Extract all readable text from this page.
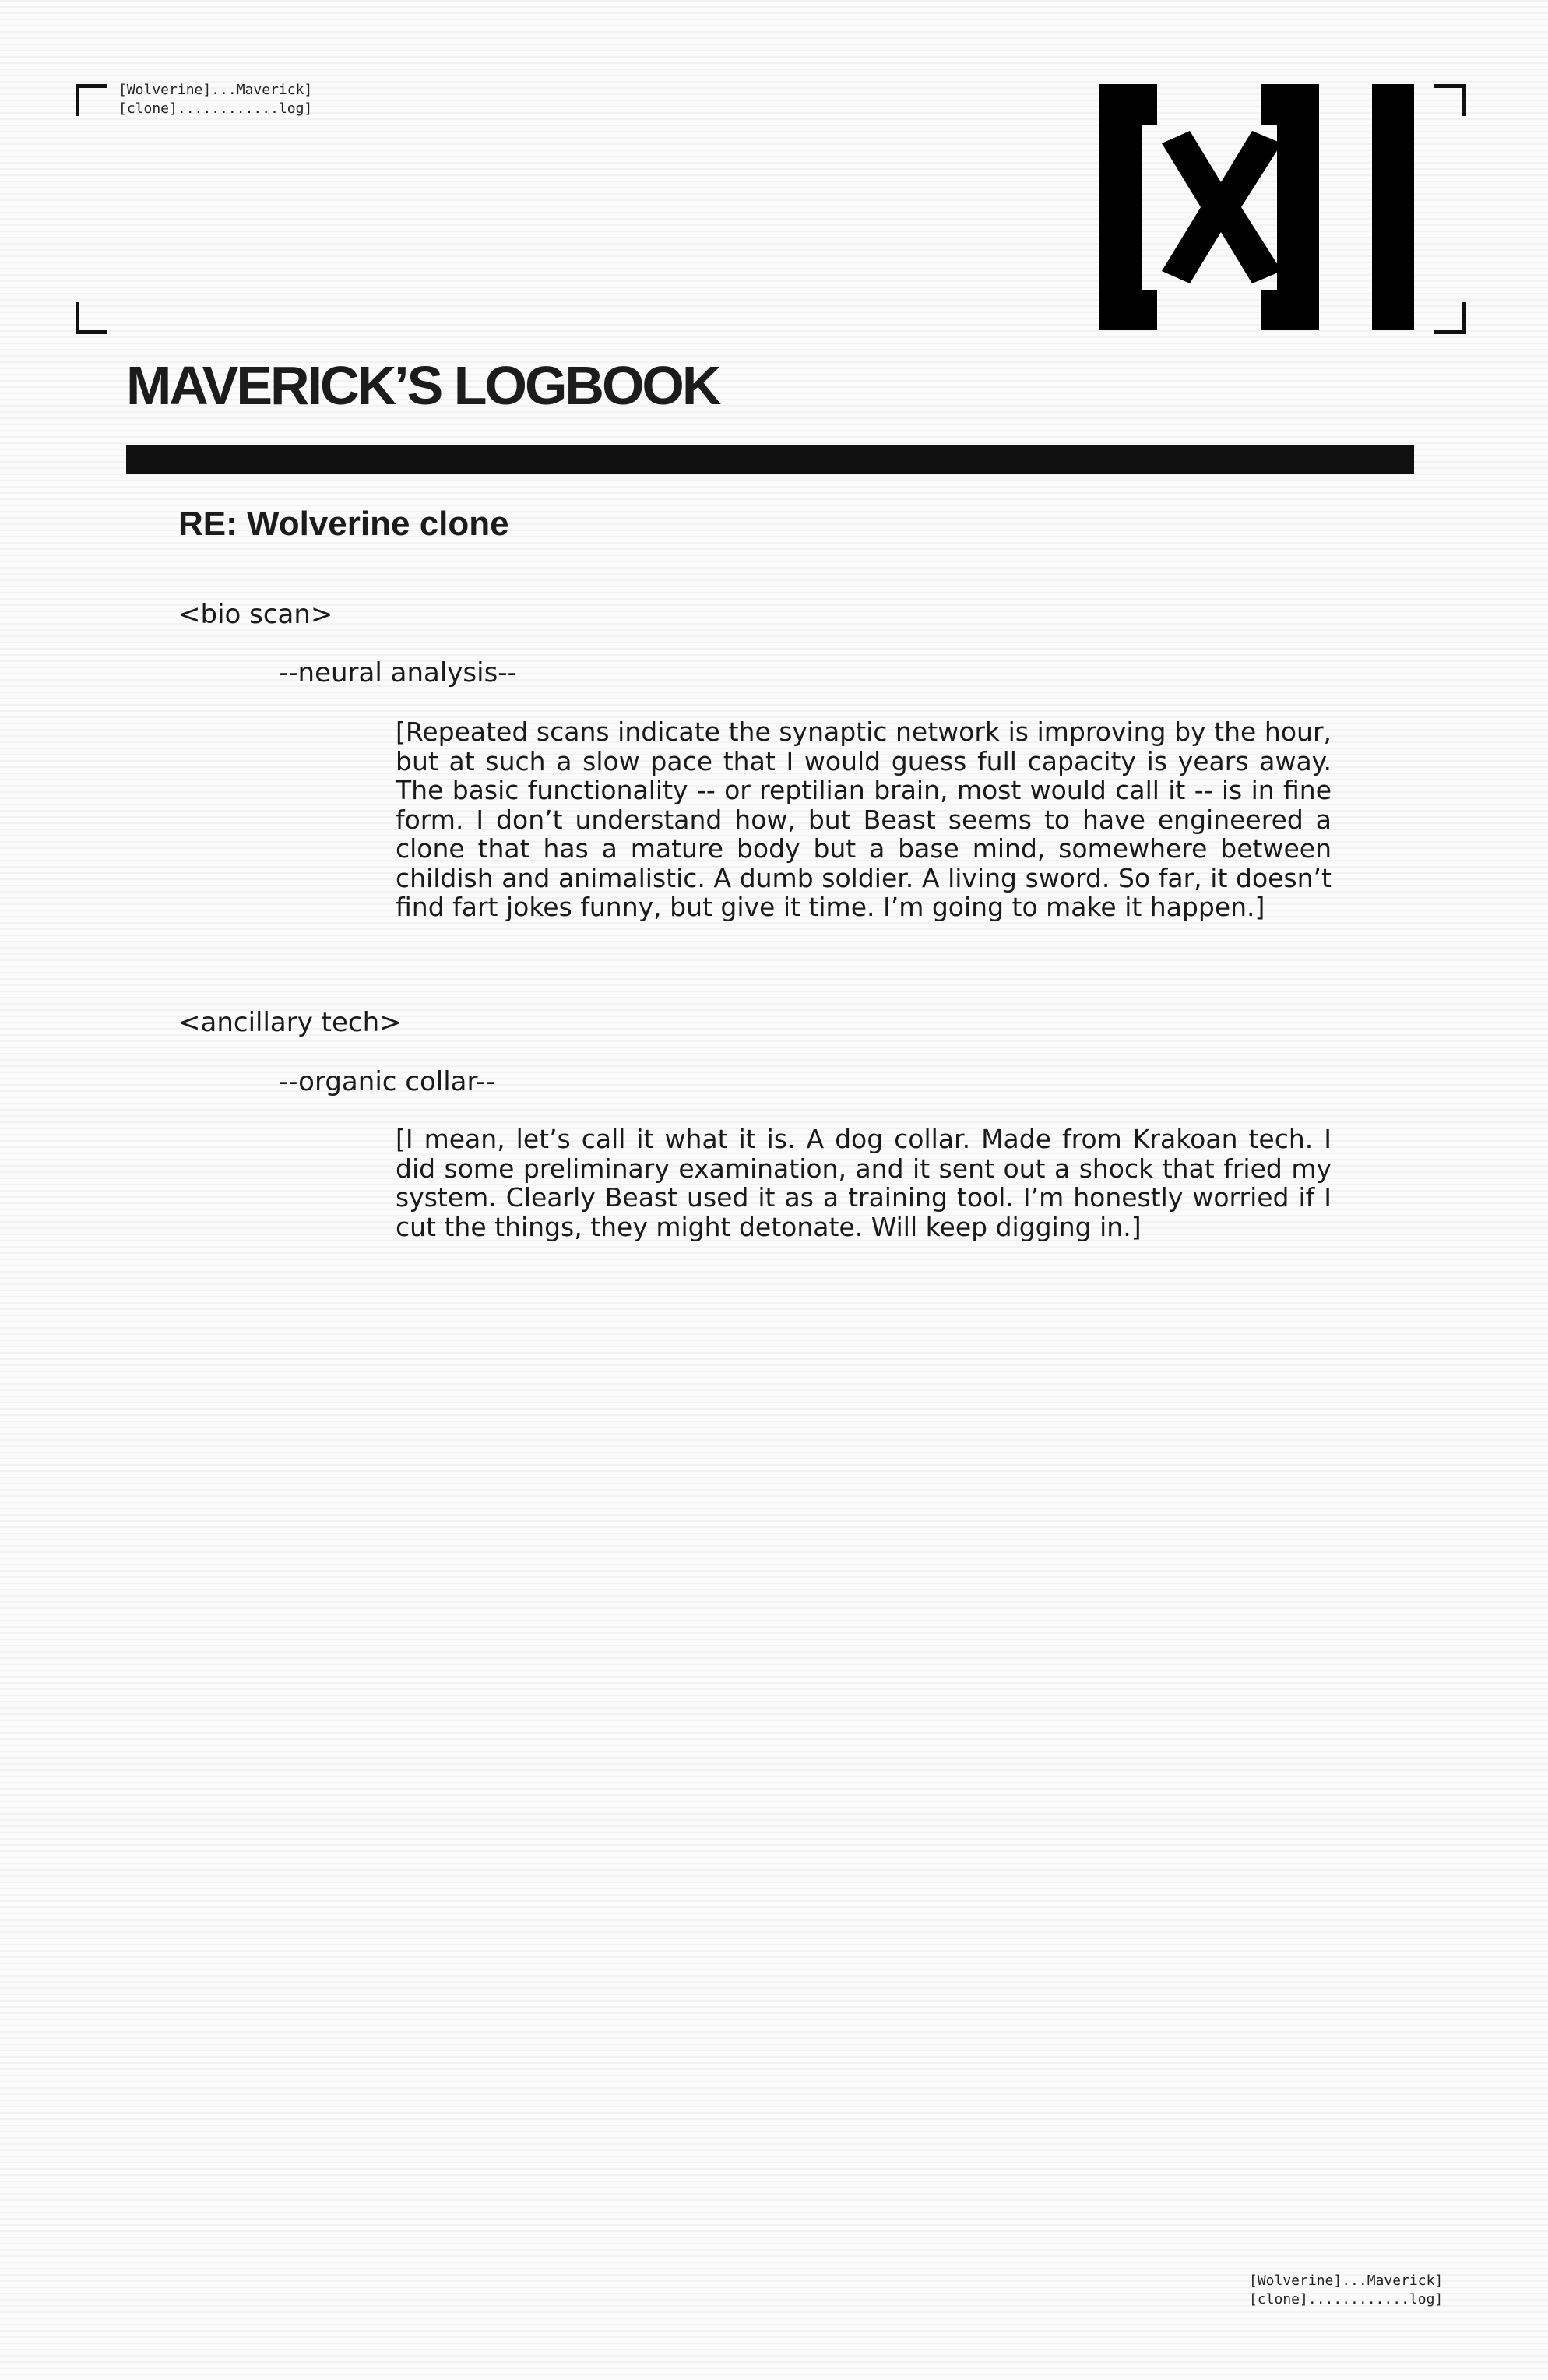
[Wolverine]...Maverick]
[clone]............log]
MAVERICK’S LOGBOOK
RE: Wolverine clone

<bio scan>

--neural analysis--

[Repeated scans indicate the synaptic network is improving by the hour, but at such a slow pace that I would guess full capacity is years away. The basic functionality -- or reptilian brain, most would call it -- is in fine form. I don’t understand how, but Beast seems to have engineered a clone that has a mature body but a base mind, somewhere between childish and animalistic. A dumb soldier. A living sword. So far, it doesn’t find fart jokes funny, but give it time. I’m going to make it happen.]

<ancillary tech>

--organic collar--

[I mean, let’s call it what it is. A dog collar. Made from Krakoan tech. I did some preliminary examination, and it sent out a shock that fried my system. Clearly Beast used it as a training tool. I’m honestly worried if I cut the things, they might detonate. Will keep digging in.]

[Wolverine]...Maverick]
[clone]............log]
